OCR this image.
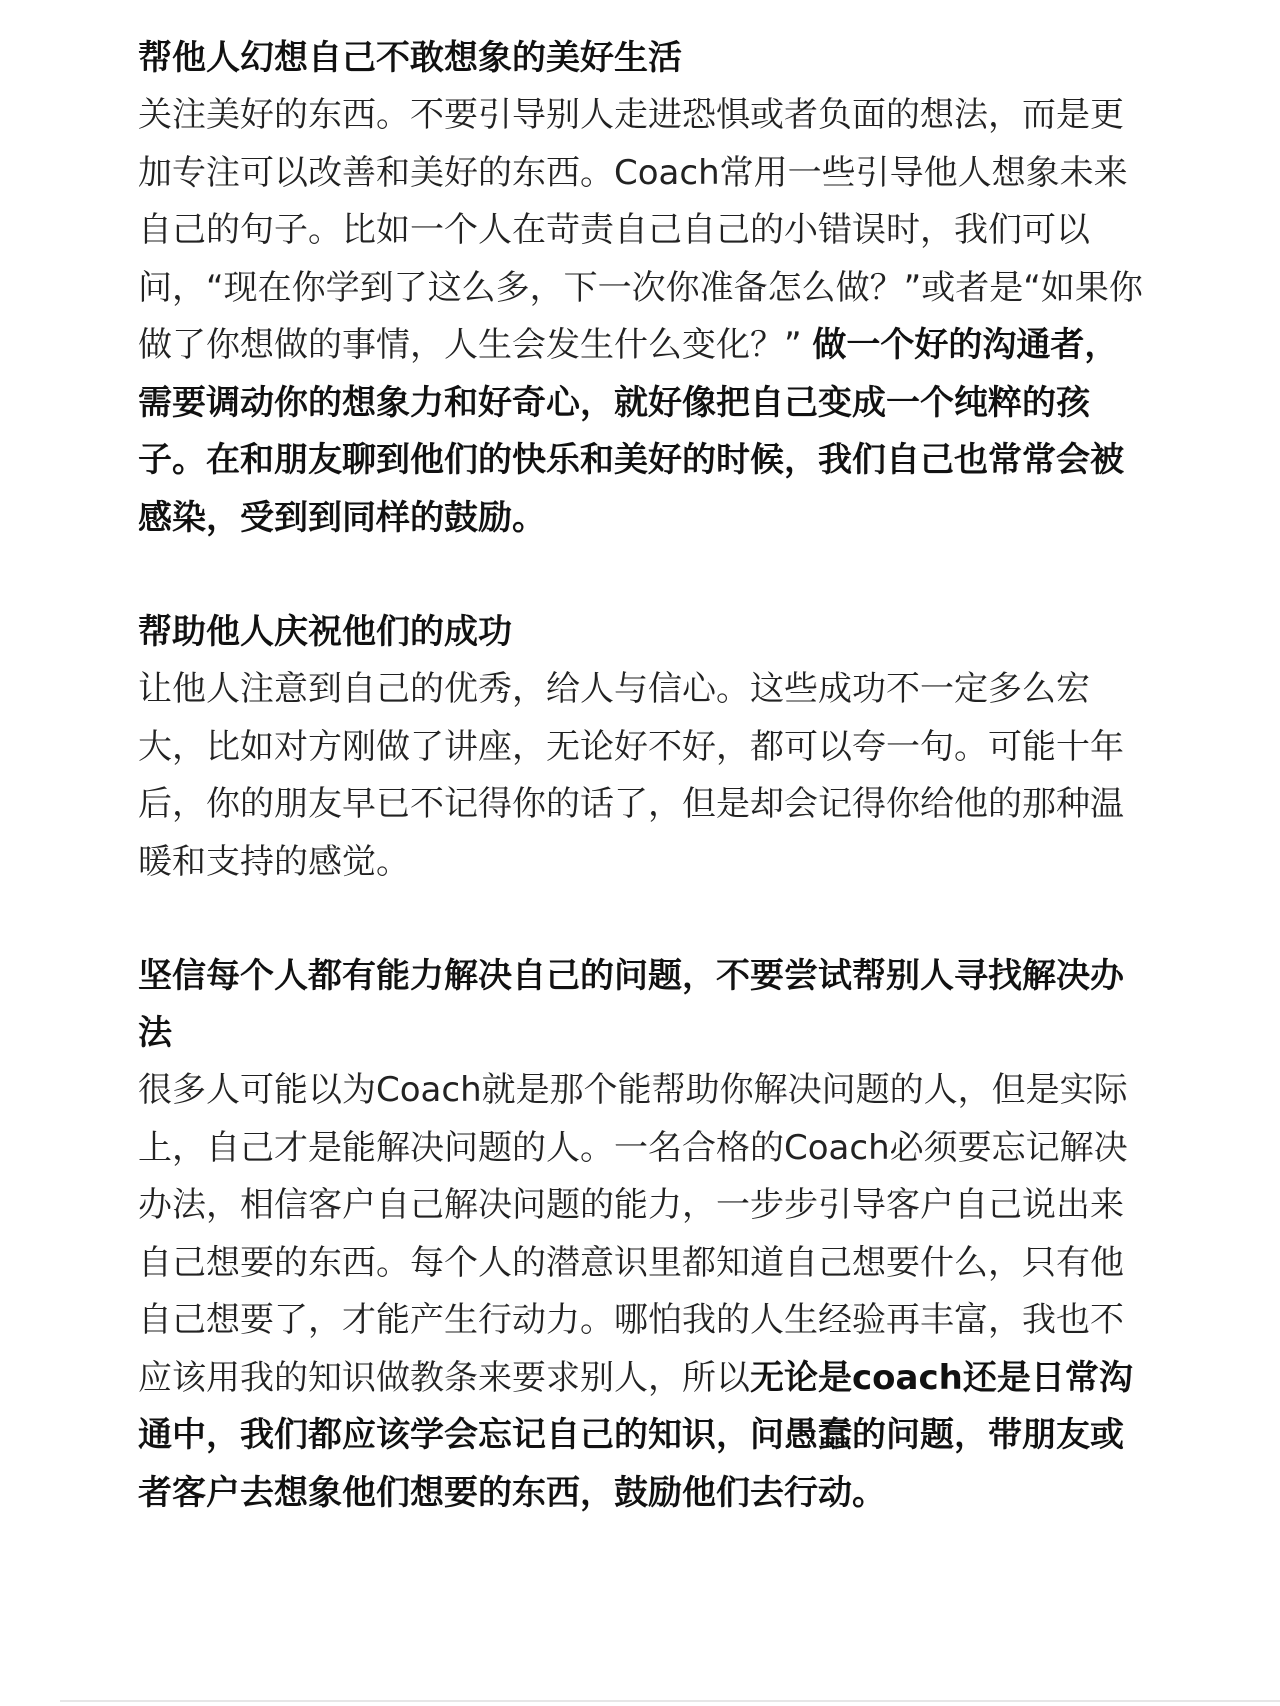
帮他人幻想自己不敢想象的美好生活

关注美好的东西。不要引导别人走进恐惧或者负面的想法，而是更加专注可以改善和美好的东西。Coach常用一些引导他人想象未来自己的句子。比如一个人在苛责自己自己的小错误时，我们可以问，“现在你学到了这么多，下一次你准备怎么做？”或者是“如果你做了你想做的事情，人生会发生什么变化？” 做一个好的沟通者，需要调动你的想象力和好奇心，就好像把自己变成一个纯粹的孩子。在和朋友聊到他们的快乐和美好的时候，我们自己也常常会被感染，受到到同样的鼓励。

帮助他人庆祝他们的成功

让他人注意到自己的优秀，给人与信心。这些成功不一定多么宏大，比如对方刚做了讲座，无论好不好，都可以夸一句。可能十年后，你的朋友早已不记得你的话了，但是却会记得你给他的那种温暖和支持的感觉。

坚信每个人都有能力解决自己的问题，不要尝试帮别人寻找解决办法

很多人可能以为Coach就是那个能帮助你解决问题的人，但是实际上，自己才是能解决问题的人。一名合格的Coach必须要忘记解决办法，相信客户自己解决问题的能力，一步步引导客户自己说出来自己想要的东西。每个人的潜意识里都知道自己想要什么，只有他自己想要了，才能产生行动力。哪怕我的人生经验再丰富，我也不应该用我的知识做教条来要求别人，所以无论是coach还是日常沟通中，我们都应该学会忘记自己的知识，问愚蠢的问题，带朋友或者客户去想象他们想要的东西，鼓励他们去行动。
